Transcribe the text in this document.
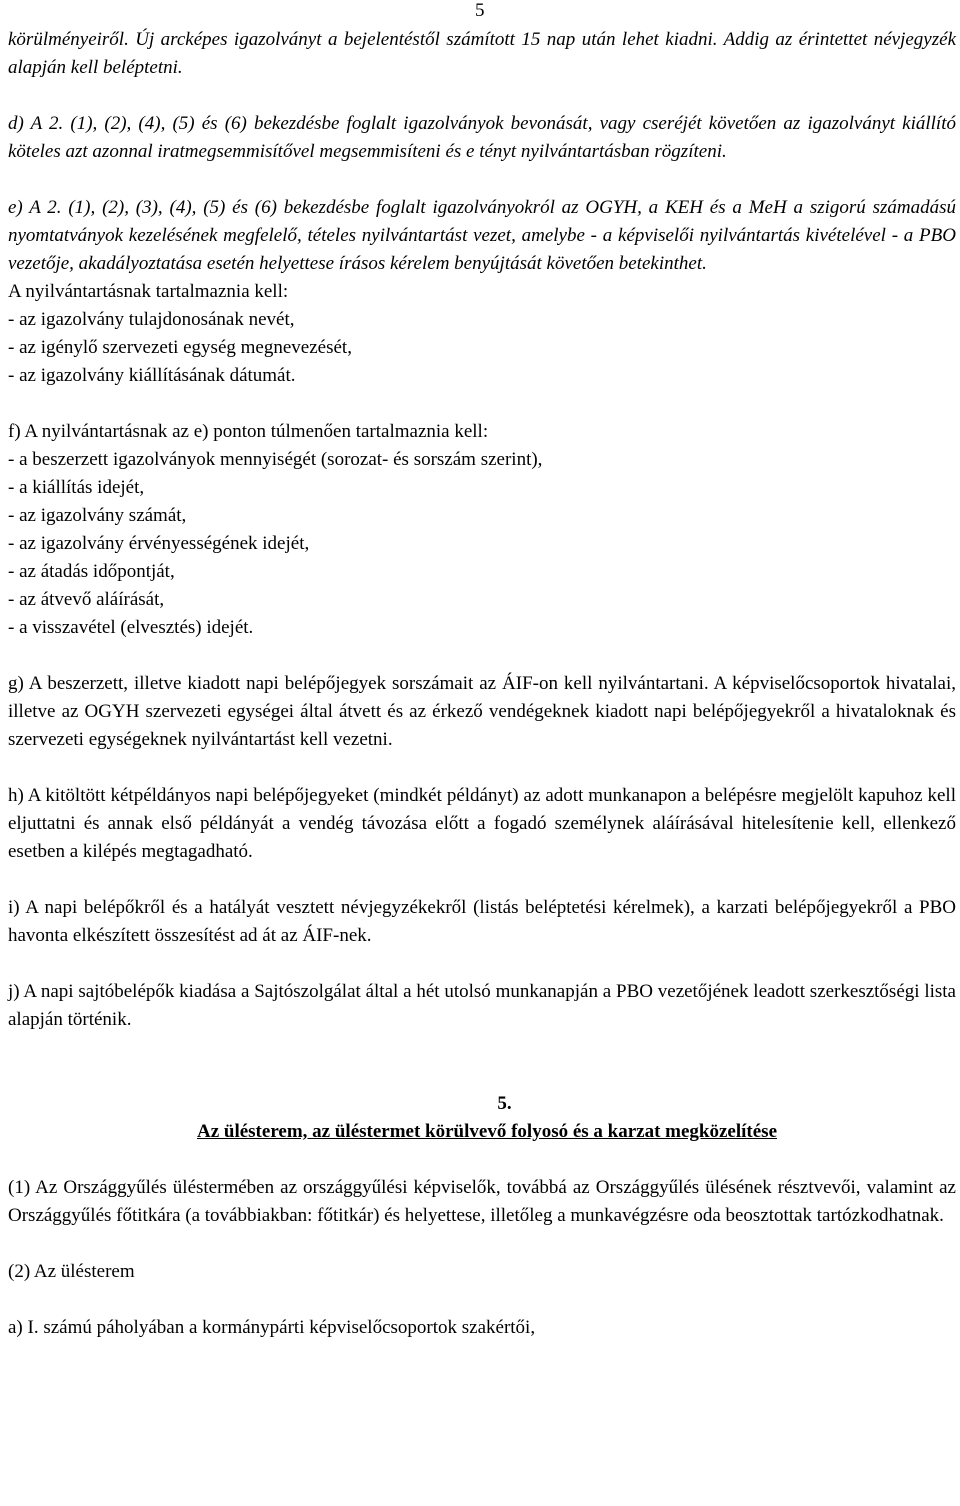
5

körülményeiről. Új arcképes igazolványt a bejelentéstől számított 15 nap után lehet kiadni. Addig az érintettet névjegyzék alapján kell beléptetni.

d) A 2. (1), (2), (4), (5) és (6) bekezdésbe foglalt igazolványok bevonását, vagy cseréjét követően az igazolványt kiállító köteles azt azonnal iratmegsemmisítővel megsemmisíteni és e tényt nyilvántartásban rögzíteni.

e) A 2. (1), (2), (3), (4), (5) és (6) bekezdésbe foglalt igazolványokról az OGYH, a KEH és a MeH a szigorú számadású nyomtatványok kezelésének megfelelő, tételes nyilvántartást vezet, amelybe - a képviselői nyilvántartás kivételével - a PBO vezetője, akadályoztatása esetén helyettese írásos kérelem benyújtását követően betekinthet.

A nyilvántartásnak tartalmaznia kell:

- az igazolvány tulajdonosának nevét,

- az igénylő szervezeti egység megnevezését,

- az igazolvány kiállításának dátumát.

f) A nyilvántartásnak az e) ponton túlmenően tartalmaznia kell:

- a beszerzett igazolványok mennyiségét (sorozat- és sorszám szerint),

- a kiállítás idejét,

- az igazolvány számát,

- az igazolvány érvényességének idejét,

- az átadás időpontját,

- az átvevő aláírását,

- a visszavétel (elvesztés) idejét.

g) A beszerzett, illetve kiadott napi belépőjegyek sorszámait az ÁIF-on kell nyilvántartani. A képviselőcsoportok hivatalai, illetve az OGYH szervezeti egységei által átvett és az érkező vendégeknek kiadott napi belépőjegyekről a hivataloknak és szervezeti egységeknek nyilvántartást kell vezetni.

h) A kitöltött kétpéldányos napi belépőjegyeket (mindkét példányt) az adott munkanapon a belépésre megjelölt kapuhoz kell eljuttatni és annak első példányát a vendég távozása előtt a fogadó személynek aláírásával hitelesítenie kell, ellenkező esetben a kilépés megtagadható.

i) A napi belépőkről és a hatályát vesztett névjegyzékekről (listás beléptetési kérelmek), a karzati belépőjegyekről a PBO havonta elkészített összesítést ad át az ÁIF-nek.

j) A napi sajtóbelépők kiadása a Sajtószolgálat által a hét utolsó munkanapján a PBO vezetőjének leadott szerkesztőségi lista alapján történik.

5.

Az ülésterem, az üléstermet körülvevő folyosó és a karzat megközelítése

(1) Az Országgyűlés üléstermében az országgyűlési képviselők, továbbá az Országgyűlés ülésének résztvevői, valamint az Országgyűlés főtitkára (a továbbiakban: főtitkár) és helyettese, illetőleg a munkavégzésre oda beosztottak tartózkodhatnak.

(2) Az ülésterem

a) I. számú páholyában a kormánypárti képviselőcsoportok szakértői,
